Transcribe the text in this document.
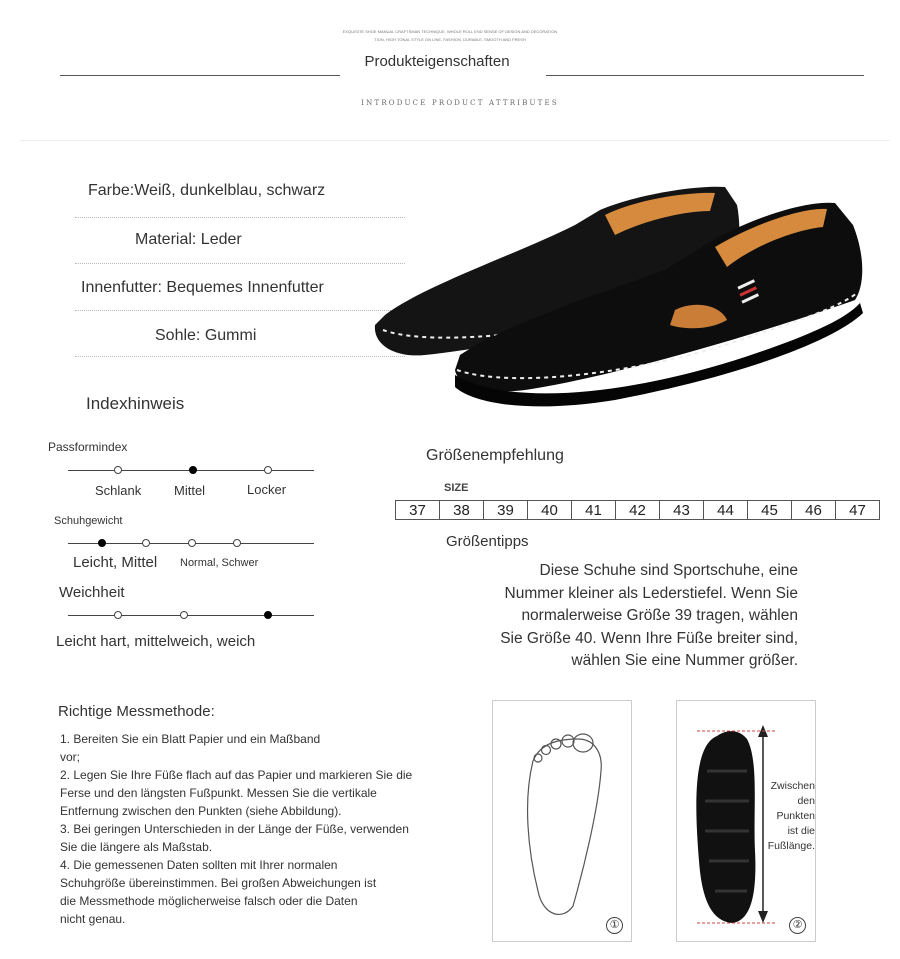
EXQUISITE SHOE MANUAL CRAFTSMAN TECHNIQUE, WHOLE ROLL END SENSE OF DESIGN AND DECORATION
TION, HIGH TONAL STYLE ON LINE, FASHION, DURABLE, SMOOTH AND FRESH
Produkteigenschaften
INTRODUCE PRODUCT ATTRIBUTES
Farbe:Weiß, dunkelblau, schwarz
Material: Leder
Innenfutter: Bequemes Innenfutter
Sohle: Gummi
Indexhinweis
Passformindex
Schlank	Mittel	Locker
Schuhgewicht
Leicht, Mittel Normal, Schwer
Weichheit
Leicht hart, mittelweich, weich
Größenempfehlung
SIZE
37	38	39	40	41	42	43	44	45	46	47
Größentipps
Diese Schuhe sind Sportschuhe, eine
Nummer kleiner als Lederstiefel. Wenn Sie
normalerweise Größe 39 tragen, wählen
Sie Größe 40. Wenn Ihre Füße breiter sind,
wählen Sie eine Nummer größer.
Richtige Messmethode:
1. Bereiten Sie ein Blatt Papier und ein Maßband
vor;
2. Legen Sie Ihre Füße flach auf das Papier und markieren Sie die
Ferse und den längsten Fußpunkt. Messen Sie die vertikale
Entfernung zwischen den Punkten (siehe Abbildung).
3. Bei geringen Unterschieden in der Länge der Füße, verwenden
Sie die längere als Maßstab.
4. Die gemessenen Daten sollten mit Ihrer normalen
Schuhgröße übereinstimmen. Bei großen Abweichungen ist
die Messmethode möglicherweise falsch oder die Daten
nicht genau.	①
Zwischen
den
Punkten
ist die
Fußlänge.
②
